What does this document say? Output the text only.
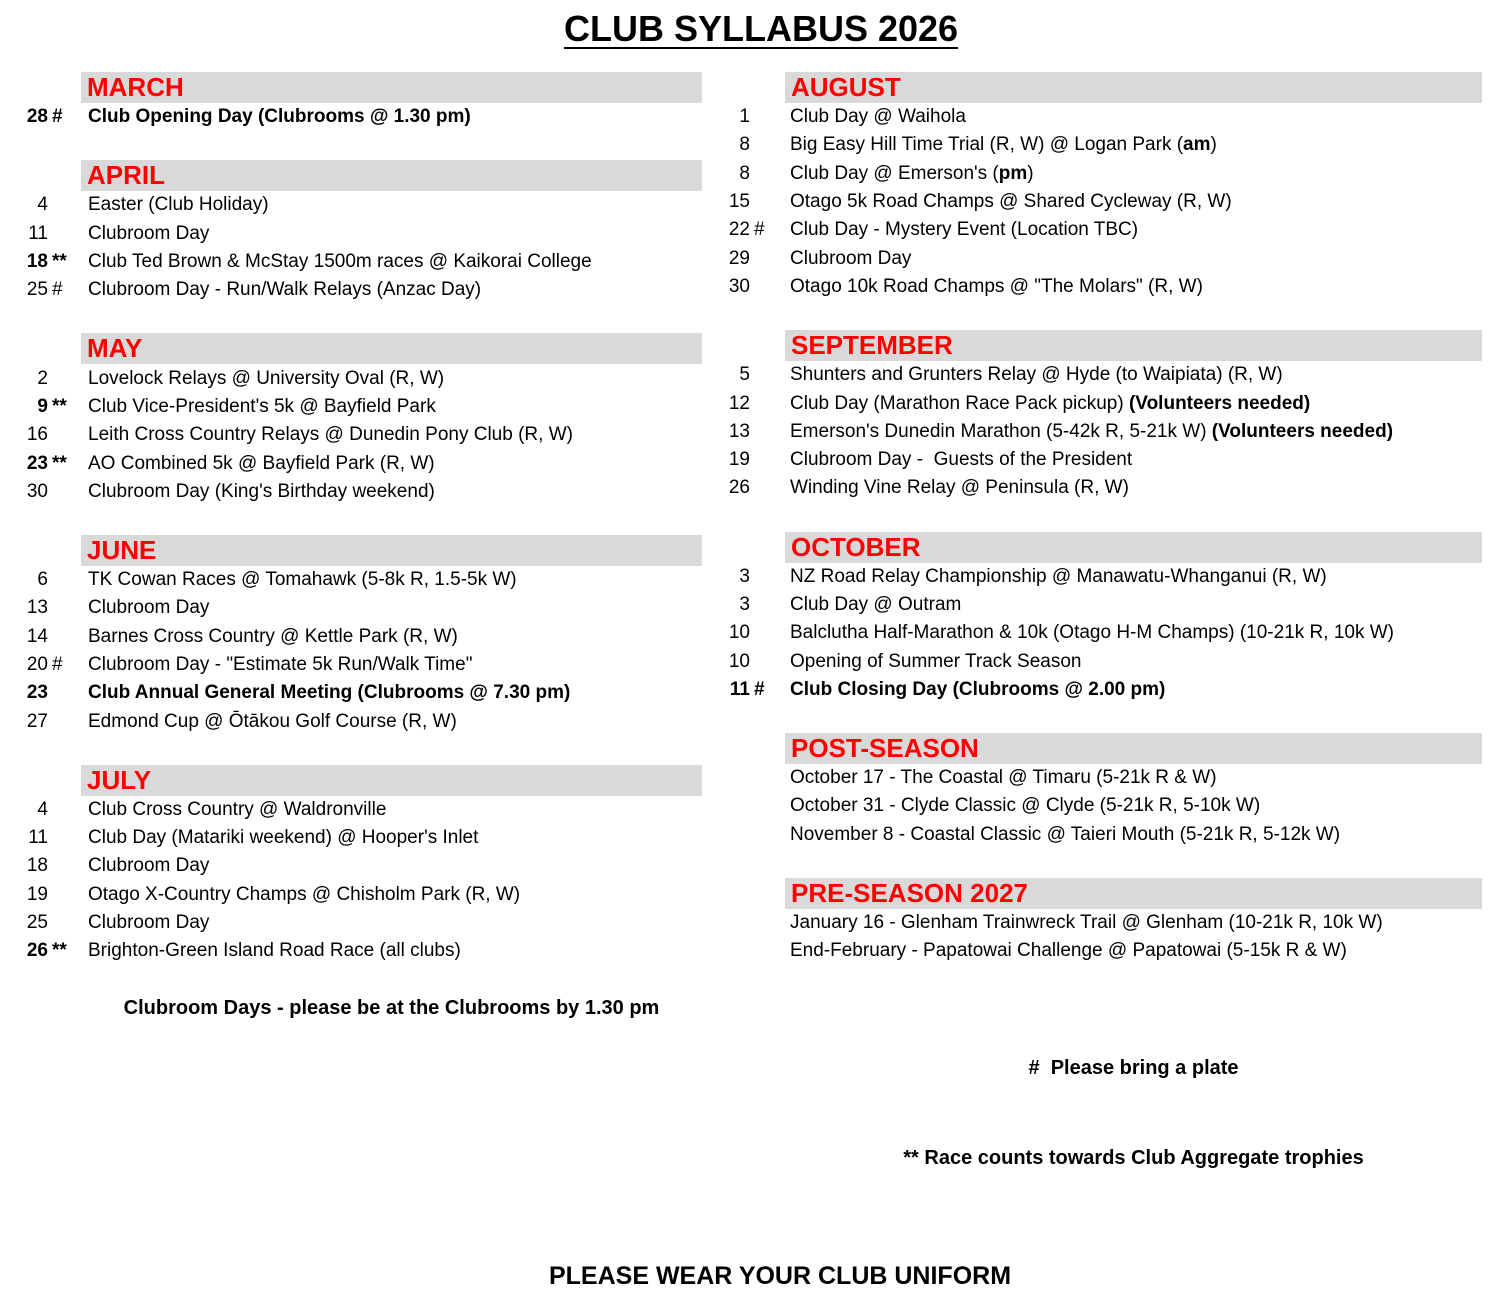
CLUB SYLLABUS 2026
MARCH
28 #	Club Opening Day (Clubrooms @ 1.30 pm)
APRIL
4	Easter (Club Holiday)
11	Clubroom Day
18 **	Club Ted Brown & McStay 1500m races @ Kaikorai College
25 #	Clubroom Day - Run/Walk Relays (Anzac Day)
MAY
2	Lovelock Relays @ University Oval (R, W)
9 **	Club Vice-President's 5k @ Bayfield Park
16	Leith Cross Country Relays @ Dunedin Pony Club (R, W)
23 **	AO Combined 5k @ Bayfield Park (R, W)
30	Clubroom Day (King's Birthday weekend)
JUNE
6	TK Cowan Races @ Tomahawk (5-8k R, 1.5-5k W)
13	Clubroom Day
14	Barnes Cross Country @ Kettle Park (R, W)
20 #	Clubroom Day - "Estimate 5k Run/Walk Time"
23	Club Annual General Meeting (Clubrooms @ 7.30 pm)
27	Edmond Cup @ Ōtākou Golf Course (R, W)
JULY
4	Club Cross Country @ Waldronville
11	Club Day (Matariki weekend) @ Hooper's Inlet
18	Clubroom Day
19	Otago X-Country Champs @ Chisholm Park (R, W)
25	Clubroom Day
26 **	Brighton-Green Island Road Race (all clubs)
AUGUST
1	Club Day @ Waihola
8	Big Easy Hill Time Trial (R, W) @ Logan Park (am)
8	Club Day @ Emerson's (pm)
15	Otago 5k Road Champs @ Shared Cycleway (R, W)
22 #	Club Day - Mystery Event (Location TBC)
29	Clubroom Day
30	Otago 10k Road Champs @ "The Molars" (R, W)
SEPTEMBER
5	Shunters and Grunters Relay @ Hyde (to Waipiata) (R, W)
12	Club Day (Marathon Race Pack pickup) (Volunteers needed)
13	Emerson's Dunedin Marathon (5-42k R, 5-21k W) (Volunteers needed)
19	Clubroom Day -  Guests of the President
26	Winding Vine Relay @ Peninsula (R, W)
OCTOBER
3	NZ Road Relay Championship @ Manawatu-Whanganui (R, W)
3	Club Day @ Outram
10	Balclutha Half-Marathon & 10k (Otago H-M Champs) (10-21k R, 10k W)
10	Opening of Summer Track Season
11 #	Club Closing Day (Clubrooms @ 2.00 pm)
POST-SEASON
October 17 - The Coastal @ Timaru (5-21k R & W)
October 31 - Clyde Classic @ Clyde (5-21k R, 5-10k W)
November 8 - Coastal Classic @ Taieri Mouth (5-21k R, 5-12k W)
PRE-SEASON 2027
January 16 - Glenham Trainwreck Trail @ Glenham (10-21k R, 10k W)
End-February - Papatowai Challenge @ Papatowai (5-15k R & W)
Clubroom Days - please be at the Clubrooms by 1.30 pm

#  Please bring a plate

** Race counts towards Club Aggregate trophies

PLEASE WEAR YOUR CLUB UNIFORM
